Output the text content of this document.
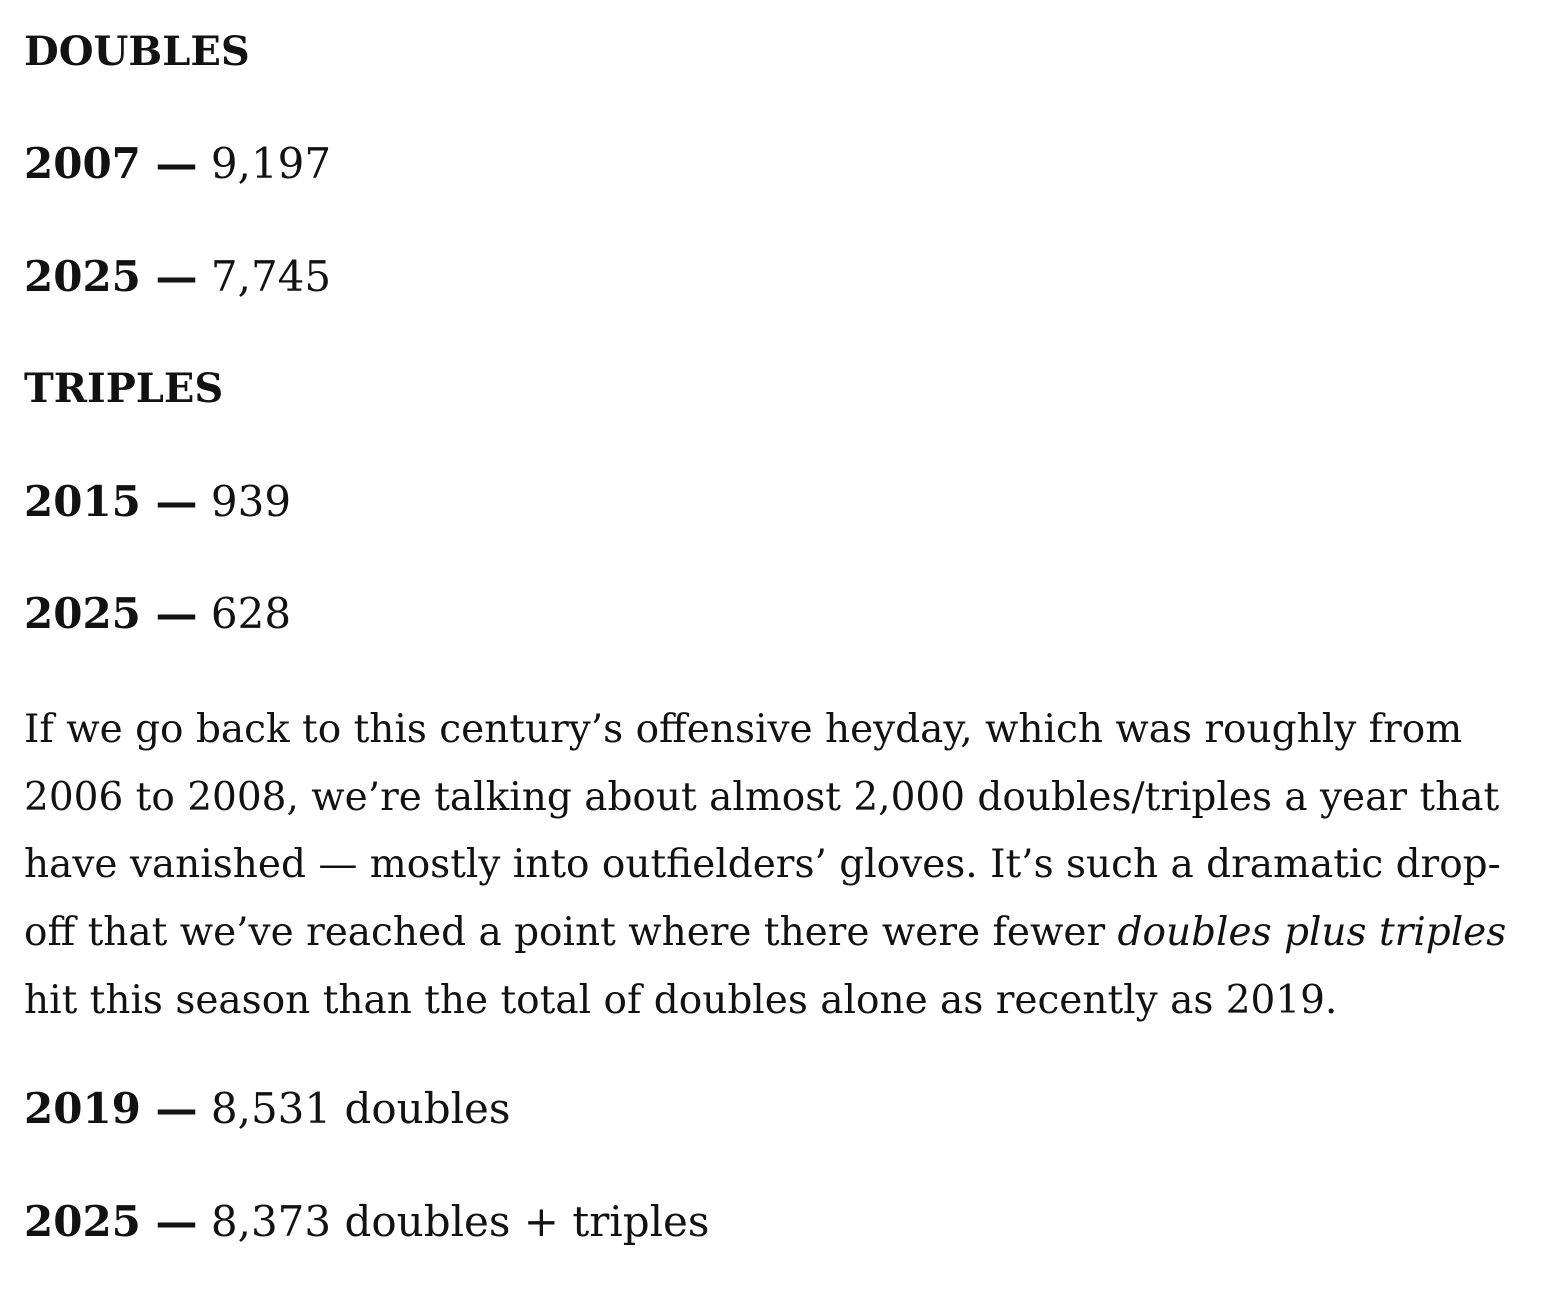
DOUBLES

2007 — 9,197

2025 — 7,745

TRIPLES

2015 — 939

2025 — 628

If we go back to this century’s offensive heyday, which was roughly from
2006 to 2008, we’re talking about almost 2,000 doubles/triples a year that
have vanished — mostly into outfielders’ gloves. It’s such a dramatic drop-
off that we’ve reached a point where there were fewer doubles plus triples
hit this season than the total of doubles alone as recently as 2019.

2019 — 8,531 doubles

2025 — 8,373 doubles + triples
